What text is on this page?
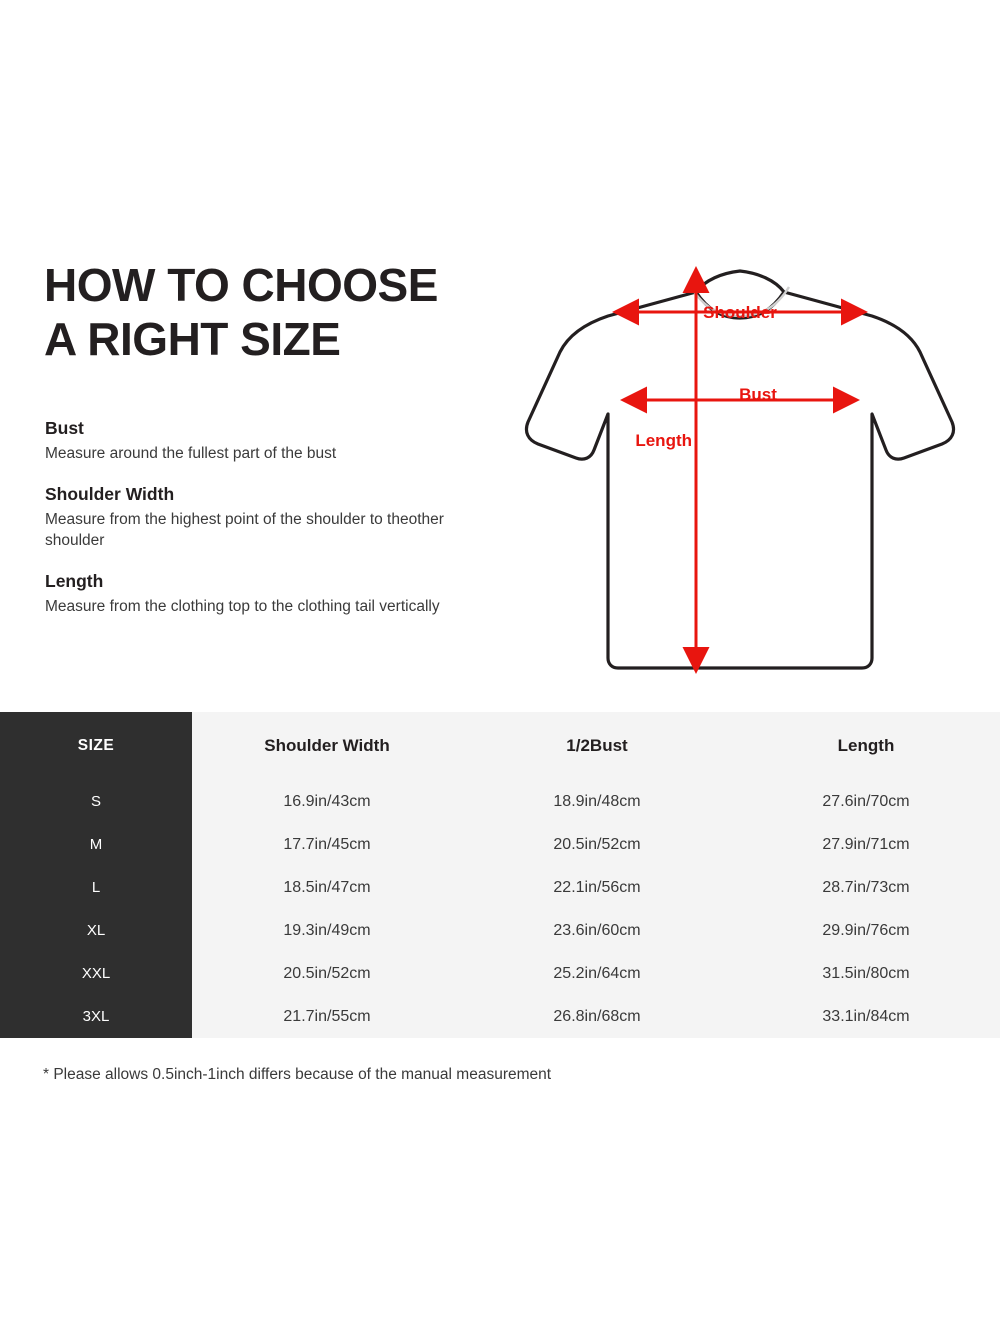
HOW TO CHOOSE
A RIGHT SIZE
Bust
Measure around the fullest part of the bust
Shoulder Width
Measure from the highest point of the shoulder to theother shoulder
Length
Measure from the clothing top to the clothing tail vertically
Shoulder
Bust
Length
SIZE	Shoulder Width	1/2Bust	Length
S	16.9in/43cm	18.9in/48cm	27.6in/70cm
M	17.7in/45cm	20.5in/52cm	27.9in/71cm
L	18.5in/47cm	22.1in/56cm	28.7in/73cm
XL	19.3in/49cm	23.6in/60cm	29.9in/76cm
XXL	20.5in/52cm	25.2in/64cm	31.5in/80cm
3XL	21.7in/55cm	26.8in/68cm	33.1in/84cm
* Please allows 0.5inch-1inch differs because of the manual measurement
